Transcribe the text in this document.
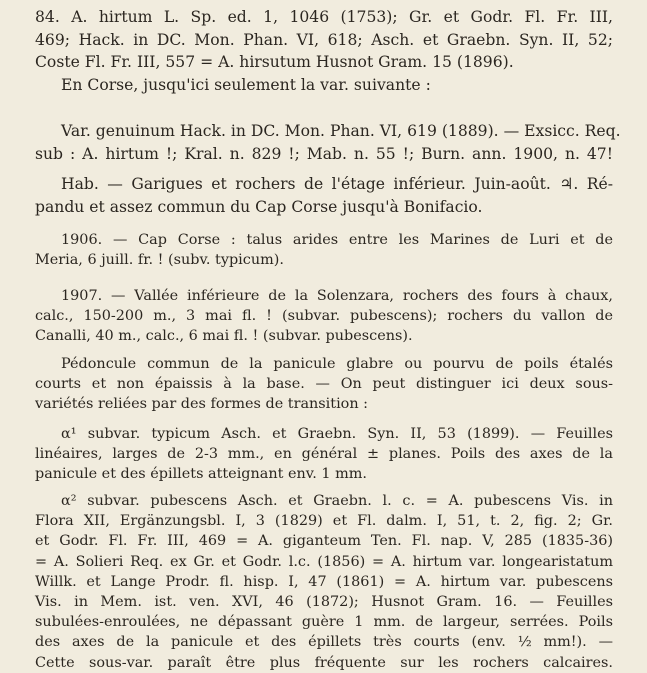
84. A. hirtum L. Sp. ed. 1, 1046 (1753); Gr. et Godr. Fl. Fr. III,
469; Hack. in DC. Mon. Phan. VI, 618; Asch. et Graebn. Syn. II, 52;
Coste Fl. Fr. III, 557 = A. hirsutum Husnot Gram. 15 (1896).
En Corse, jusqu'ici seulement la var. suivante :
Var. genuinum Hack. in DC. Mon. Phan. VI, 619 (1889). — Exsicc. Req.
sub : A. hirtum !; Kral. n. 829 !; Mab. n. 55 !; Burn. ann. 1900, n. 47!
Hab. — Garigues et rochers de l'étage inférieur. Juin-août. ♃. Ré-
pandu et assez commun du Cap Corse jusqu'à Bonifacio.
1906. — Cap Corse : talus arides entre les Marines de Luri et de
Meria, 6 juill. fr. ! (subv. typicum).
1907. — Vallée inférieure de la Solenzara, rochers des fours à chaux,
calc., 150-200 m., 3 mai fl. ! (subvar. pubescens); rochers du vallon de
Canalli, 40 m., calc., 6 mai fl. ! (subvar. pubescens).
Pédoncule commun de la panicule glabre ou pourvu de poils étalés
courts et non épaissis à la base. — On peut distinguer ici deux sous-
variétés reliées par des formes de transition :
α¹ subvar. typicum Asch. et Graebn. Syn. II, 53 (1899). — Feuilles
linéaires, larges de 2-3 mm., en général ± planes. Poils des axes de la
panicule et des épillets atteignant env. 1 mm.
α² subvar. pubescens Asch. et Graebn. l. c. = A. pubescens Vis. in
Flora XII, Ergänzungsbl. I, 3 (1829) et Fl. dalm. I, 51, t. 2, fig. 2; Gr.
et Godr. Fl. Fr. III, 469 = A. giganteum Ten. Fl. nap. V, 285 (1835-36)
= A. Solieri Req. ex Gr. et Godr. l.c. (1856) = A. hirtum var. longearistatum
Willk. et Lange Prodr. fl. hisp. I, 47 (1861) = A. hirtum var. pubescens
Vis. in Mem. ist. ven. XVI, 46 (1872); Husnot Gram. 16. — Feuilles
subulées-enroulées, ne dépassant guère 1 mm. de largeur, serrées. Poils
des axes de la panicule et des épillets très courts (env. ½ mm!). —
Cette sous-var. paraît être plus fréquente sur les rochers calcaires.
